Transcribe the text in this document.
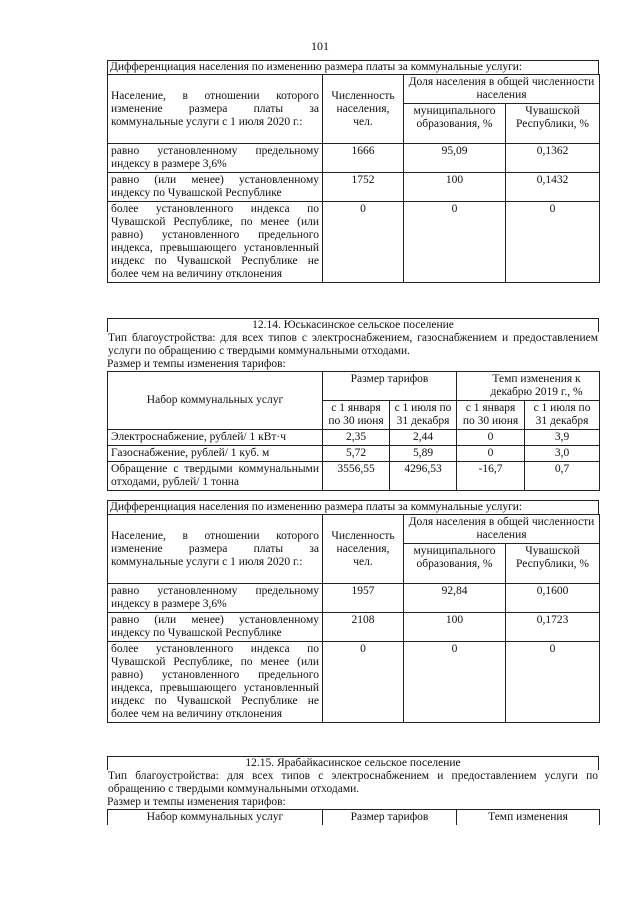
101
Дифференциация населения по изменению размера платы за коммунальные услуги:
Население, в отношении которого изменение размера платы за коммунальные услуги с 1 июля 2020 г.:	Численность населения, чел.	Доля населения в общей численности населения	
		муниципального образования, %	Чувашской Республики, %
равно установленному предельному индексу в размере 3,6%	1666	95,09	0,1362
равно (или менее) установленному индексу по Чувашской Республике	1752	100	0,1432
более установленного индекса по Чувашской Республике, по менее (или равно) установленного предельного индекса, превышающего установленный индекс по Чувашской Республике не более чем на величину отклонения	0	0	0
12.14. Юськасинское сельское поселение
Тип благоустройства: для всех типов с электроснабжением, газоснабжением и предоставлением услуги по обращению с твердыми коммунальными отходами.
Размер и темпы изменения тарифов:
Набор коммунальных услуг	Размер тарифов		Темп изменения к декабрю 2019 г., %	
	с 1 января по 30 июня	с 1 июля по 31 декабря	с 1 января по 30 июня	с 1 июля по 31 декабря
Электроснабжение, рублей/ 1 кВт·ч	2,35	2,44	0	3,9
Газоснабжение, рублей/ 1 куб. м	5,72	5,89	0	3,0
Обращение с твердыми коммунальными отходами, рублей/ 1 тонна	3556,55	4296,53	-16,7	0,7
Дифференциация населения по изменению размера платы за коммунальные услуги:
Население, в отношении которого изменение размера платы за коммунальные услуги с 1 июля 2020 г.:	Численность населения, чел.	Доля населения в общей численности населения	
		муниципального образования, %	Чувашской Республики, %
равно установленному предельному индексу в размере 3,6%	1957	92,84	0,1600
равно (или менее) установленному индексу по Чувашской Республике	2108	100	0,1723
более установленного индекса по Чувашской Республике, по менее (или равно) установленного предельного индекса, превышающего установленный индекс по Чувашской Республике не более чем на величину отклонения	0	0	0
12.15. Ярабайкасинское сельское поселение
Тип благоустройства: для всех типов с электроснабжением и предоставлением услуги по обращению с твердыми коммунальными отходами.
Размер и темпы изменения тарифов:
Набор коммунальных услуг	Размер тарифов	Темп изменения
